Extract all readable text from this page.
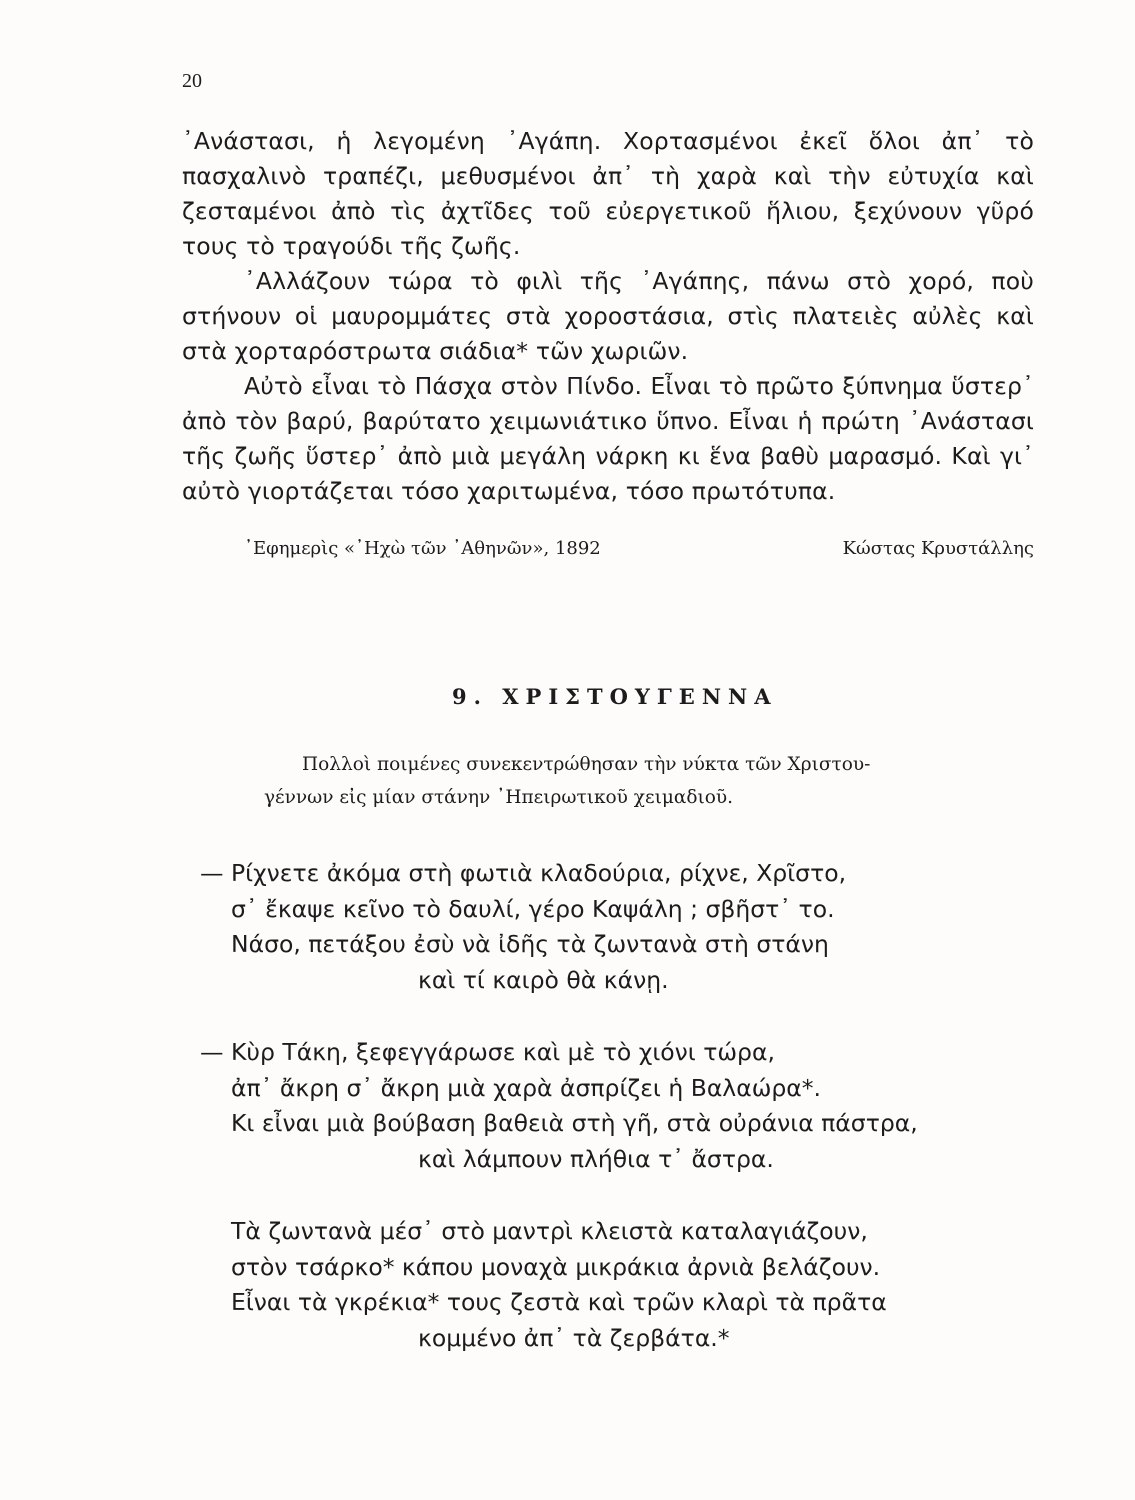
20

᾿Ανάστασι, ἡ λεγομένη ᾿Αγάπη. Χορτασμένοι ἐκεῖ ὅλοι ἀπ᾿ τὸ πασχαλινὸ τραπέζι, μεθυσμένοι ἀπ᾿ τὴ χαρὰ καὶ τὴν εὐτυχία καὶ ζεσταμένοι ἀπὸ τὶς ἀχτῖδες τοῦ εὐεργετικοῦ ἥλιου, ξεχύνουν γῦρό τους τὸ τραγούδι τῆς ζωῆς.

᾿Αλλάζουν τώρα τὸ φιλὶ τῆς ᾿Αγάπης, πάνω στὸ χορό, ποὺ στήνουν οἱ μαυρομμάτες στὰ χοροστάσια, στὶς πλατειὲς αὐλὲς καὶ στὰ χορταρόστρωτα σιάδια* τῶν χωριῶν.

Αὐτὸ εἶναι τὸ Πάσχα στὸν Πίνδο. Εἶναι τὸ πρῶτο ξύπνημα ὕστερ᾿ ἀπὸ τὸν βαρύ, βαρύτατο χειμωνιάτικο ὕπνο. Εἶναι ἡ πρώτη ᾿Ανάστασι τῆς ζωῆς ὕστερ᾿ ἀπὸ μιὰ μεγάλη νάρκη κι ἕνα βαθὺ μαρασμό. Καὶ γι᾿ αὐτὸ γιορτάζεται τόσο χαριτωμένα, τόσο πρωτότυπα.

᾿Εφημερὶς «᾿Ηχὼ τῶν ᾿Αθηνῶν», 1892	Κώστας Κρυστάλλης
9. ΧΡΙΣΤΟΥΓΕΝΝΑ
Πολλοὶ ποιμένες συνεκεντρώθησαν τὴν νύκτα τῶν Χριστου-
γέννων εἰς μίαν στάνην ᾿Ηπειρωτικοῦ χειμαδιοῦ.
— Ρίχνετε ἀκόμα στὴ φωτιὰ κλαδούρια, ρίχνε, Χρῖστο,
σ᾿ ἔκαψε κεῖνο τὸ δαυλί, γέρο Καψάλη ; σβῆστ᾿ το.
Νάσο, πετάξου ἐσὺ νὰ ἰδῆς τὰ ζωντανὰ στὴ στάνη
καὶ τί καιρὸ θὰ κάνῃ.
— Κὺρ Τάκη, ξεφεγγάρωσε καὶ μὲ τὸ χιόνι τώρα,
ἀπ᾿ ἄκρη σ᾿ ἄκρη μιὰ χαρὰ ἀσπρίζει ἡ Βαλαώρα*.
Κι εἶναι μιὰ βούβαση βαθειὰ στὴ γῆ, στὰ οὐράνια πάστρα,
καὶ λάμπουν πλήθια τ᾿ ἄστρα.
Τὰ ζωντανὰ μέσ᾿ στὸ μαντρὶ κλειστὰ καταλαγιάζουν,
στὸν τσάρκο* κάπου μοναχὰ μικράκια ἀρνιὰ βελάζουν.
Εἶναι τὰ γκρέκια* τους ζεστὰ καὶ τρῶν κλαρὶ τὰ πρᾶτα
κομμένο ἀπ᾿ τὰ ζερβάτα.*
